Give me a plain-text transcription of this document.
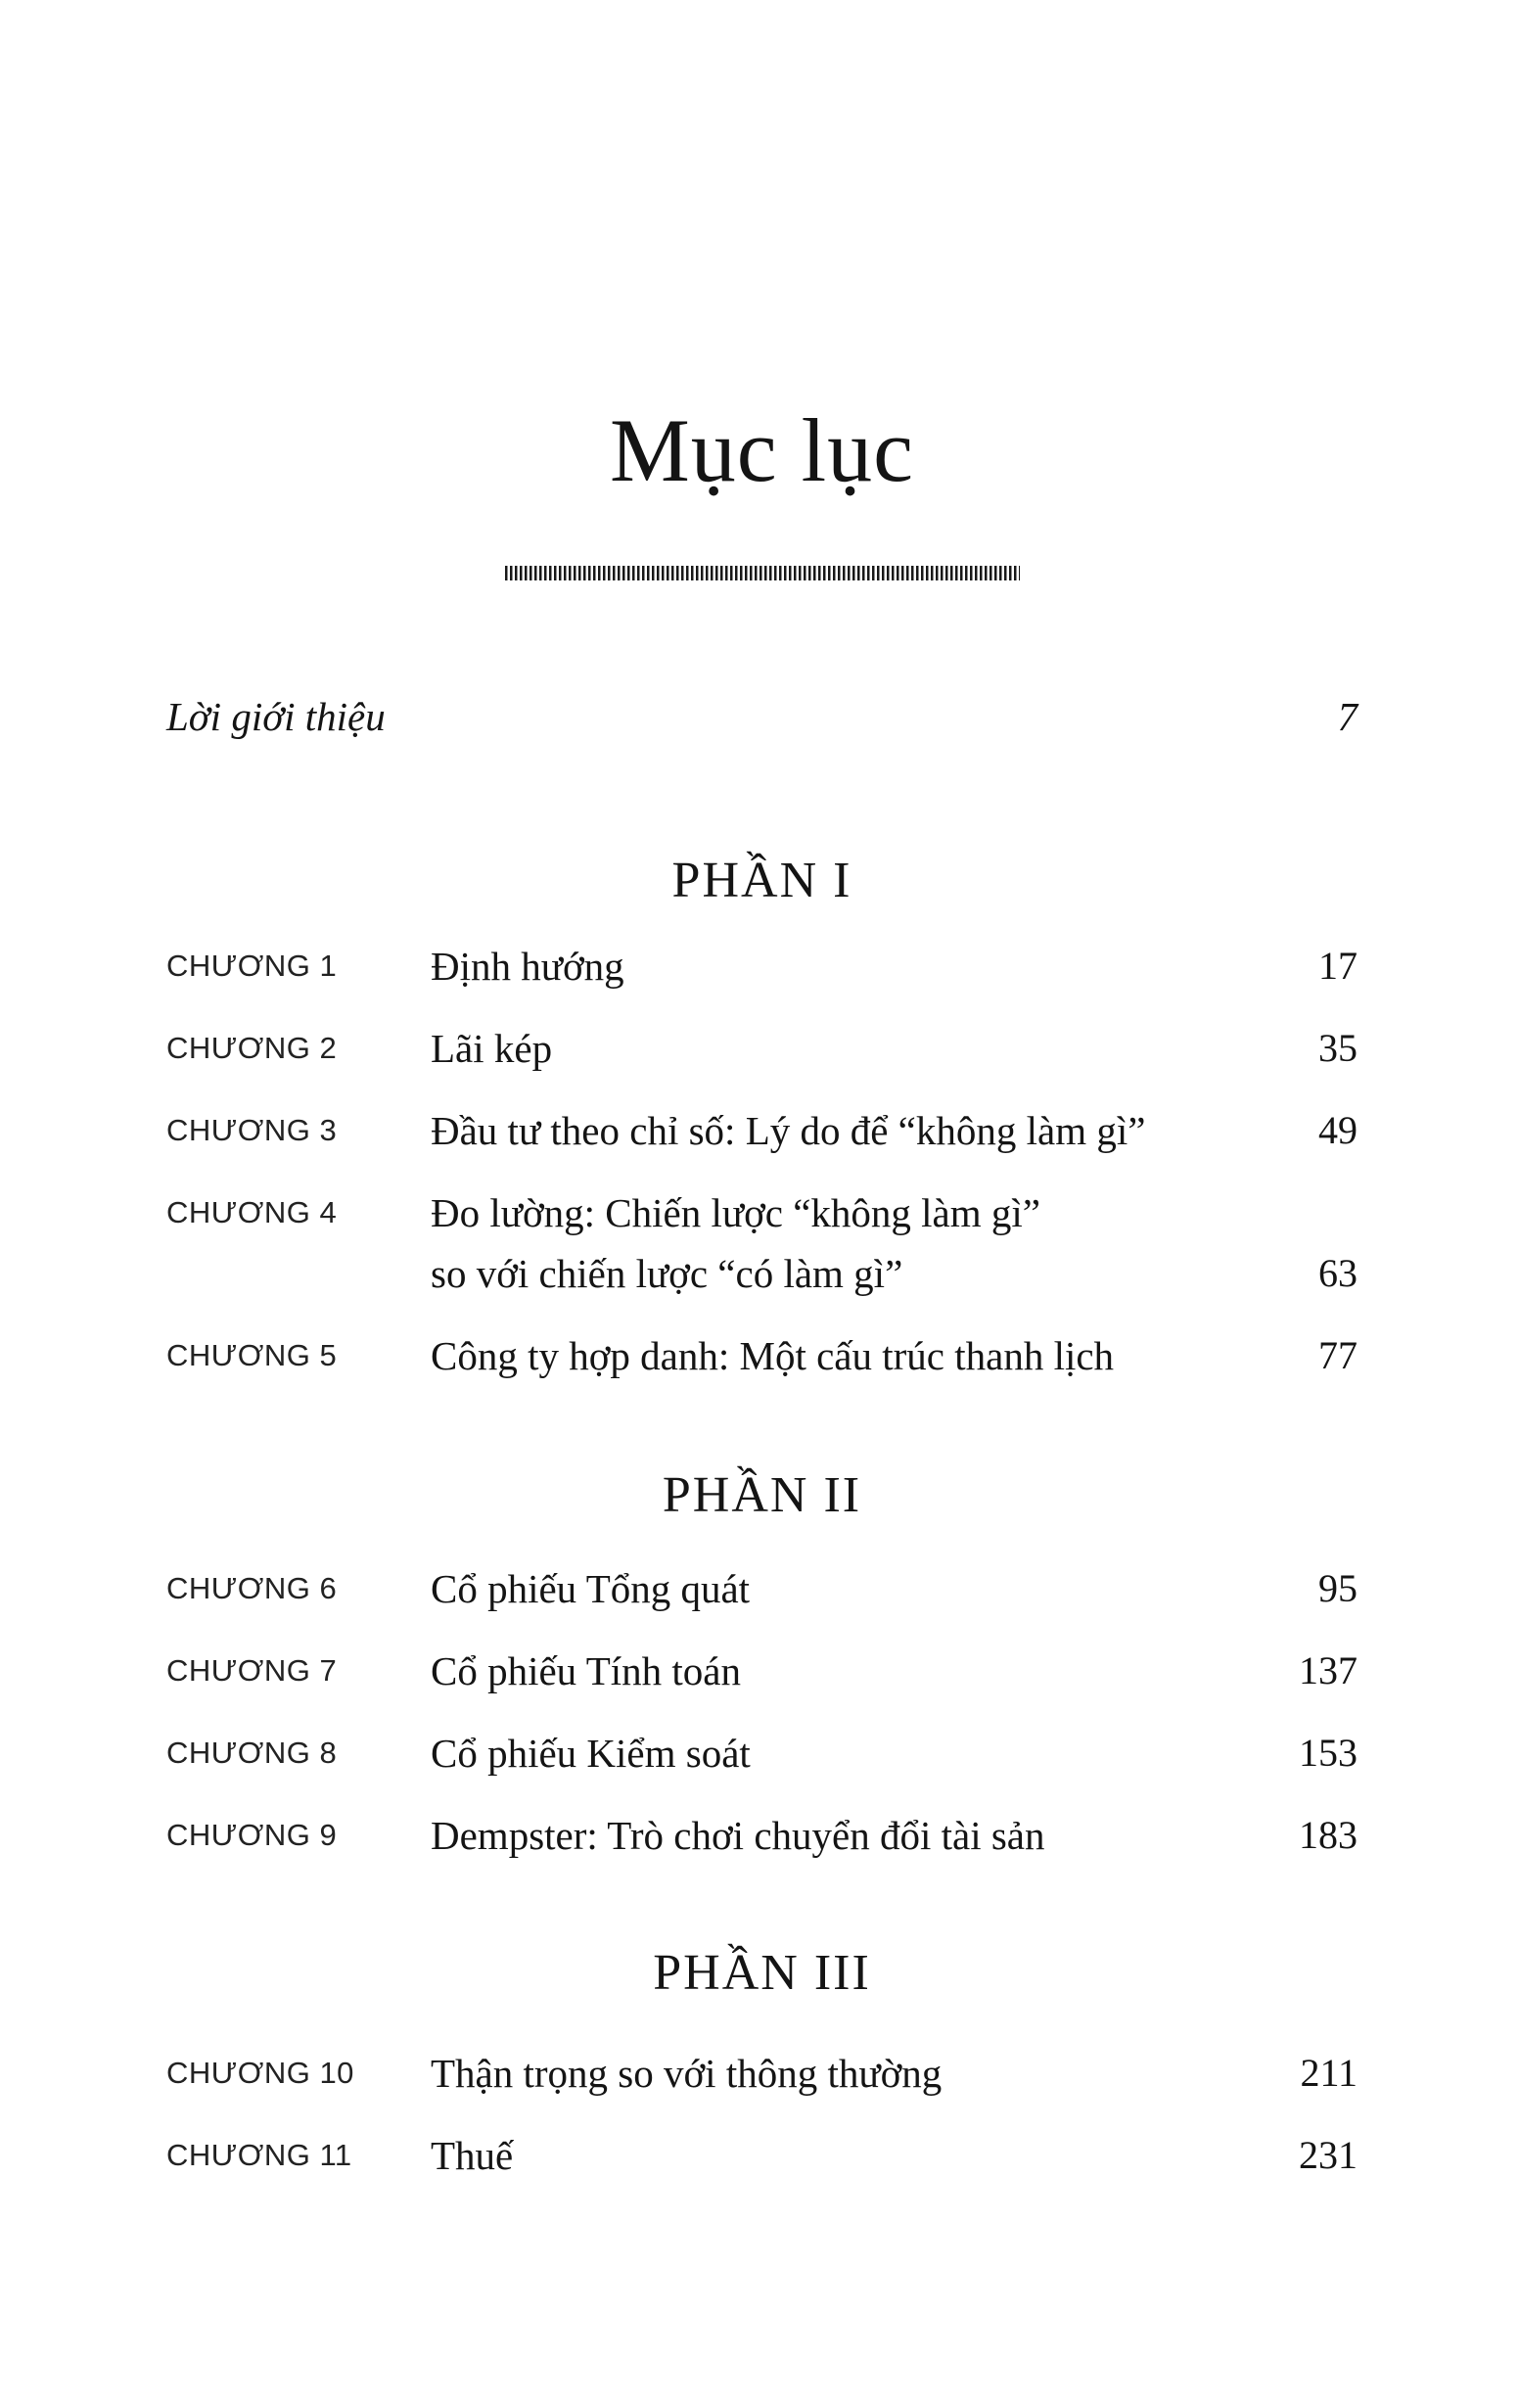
Mục lục
Lời giới thiệu	7
PHẦN I
CHƯƠNG 1	Định hướng	17
CHƯƠNG 2	Lãi kép	35
CHƯƠNG 3	Đầu tư theo chỉ số: Lý do để “không làm gì”	49
CHƯƠNG 4	Đo lường: Chiến lược “không làm gì”
so với chiến lược “có làm gì”	63
CHƯƠNG 5	Công ty hợp danh: Một cấu trúc thanh lịch	77
PHẦN II
CHƯƠNG 6	Cổ phiếu Tổng quát	95
CHƯƠNG 7	Cổ phiếu Tính toán	137
CHƯƠNG 8	Cổ phiếu Kiểm soát	153
CHƯƠNG 9	Dempster: Trò chơi chuyển đổi tài sản	183
PHẦN III
CHƯƠNG 10	Thận trọng so với thông thường	211
CHƯƠNG 11	Thuế	231
